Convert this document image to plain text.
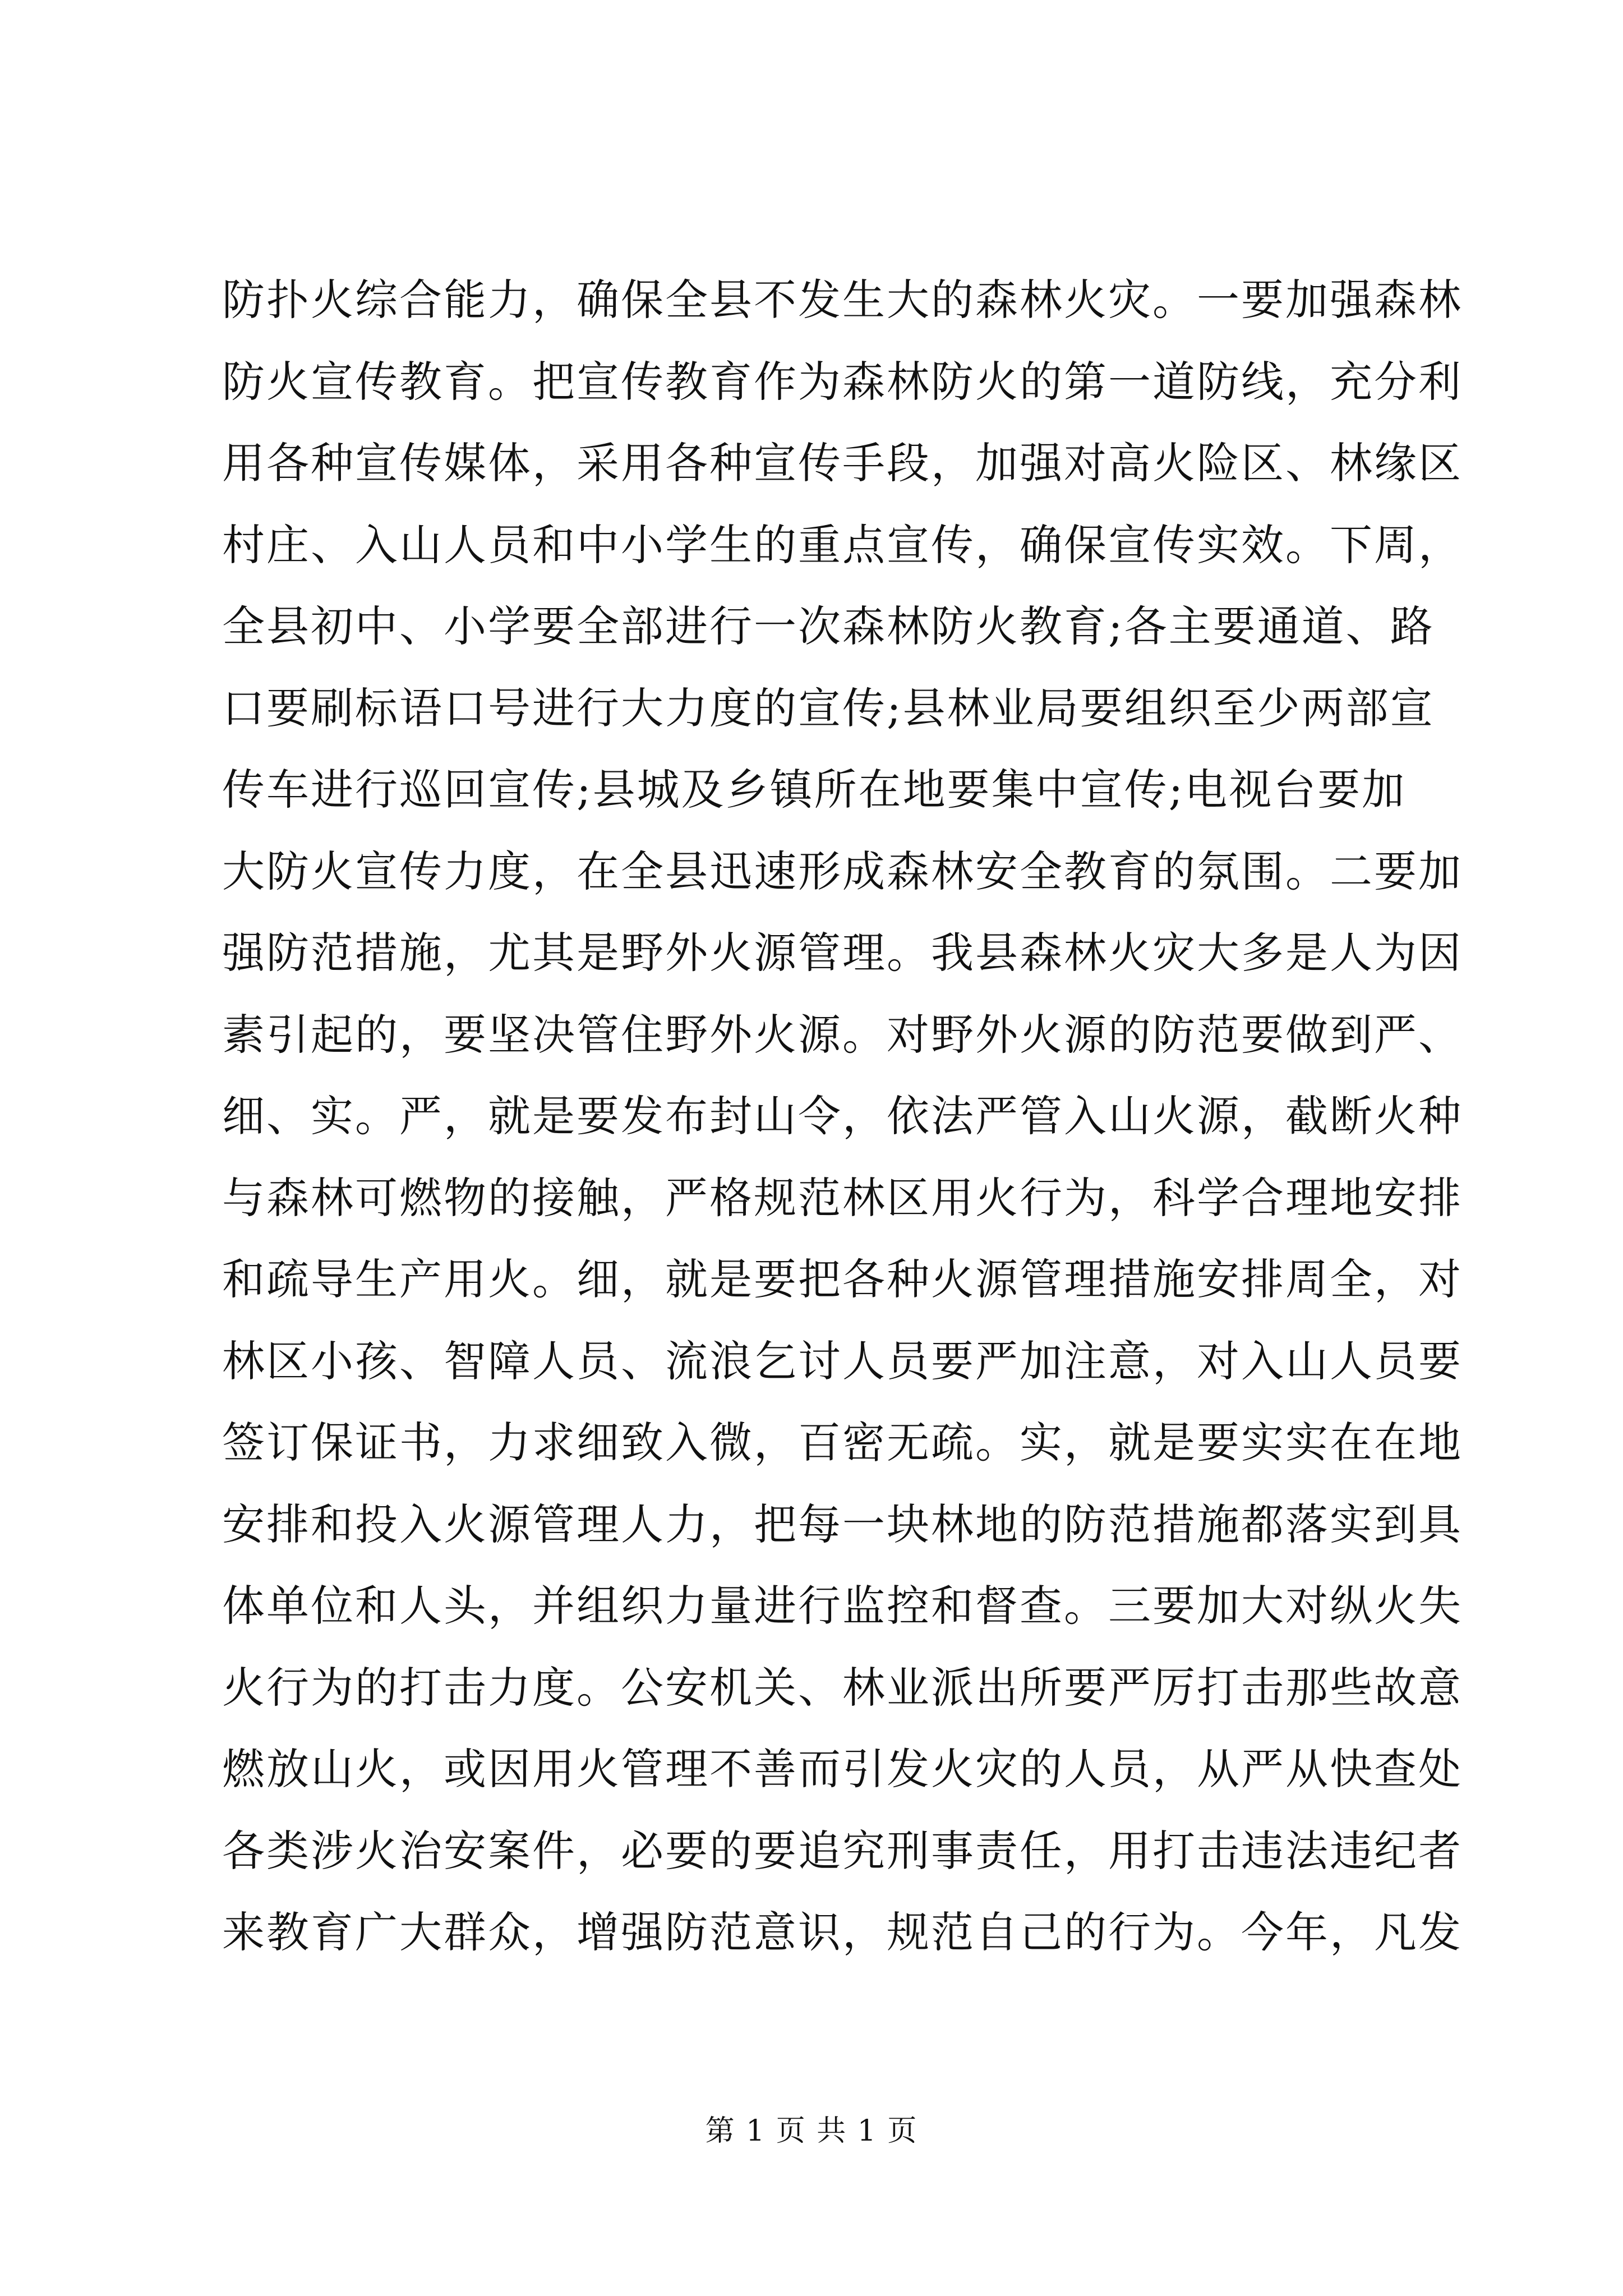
防扑火综合能力，确保全县不发生大的森林火灾。一要加强森林
防火宣传教育。把宣传教育作为森林防火的第一道防线，充分利
用各种宣传媒体，采用各种宣传手段，加强对高火险区、林缘区
村庄、入山人员和中小学生的重点宣传，确保宣传实效。下周，
全县初中、小学要全部进行一次森林防火教育;各主要通道、路
口要刷标语口号进行大力度的宣传;县林业局要组织至少两部宣
传车进行巡回宣传;县城及乡镇所在地要集中宣传;电视台要加
大防火宣传力度，在全县迅速形成森林安全教育的氛围。二要加
强防范措施，尤其是野外火源管理。我县森林火灾大多是人为因
素引起的，要坚决管住野外火源。对野外火源的防范要做到严、
细、实。严，就是要发布封山令，依法严管入山火源，截断火种
与森林可燃物的接触，严格规范林区用火行为，科学合理地安排
和疏导生产用火。细，就是要把各种火源管理措施安排周全，对
林区小孩、智障人员、流浪乞讨人员要严加注意，对入山人员要
签订保证书，力求细致入微，百密无疏。实，就是要实实在在地
安排和投入火源管理人力，把每一块林地的防范措施都落实到具
体单位和人头，并组织力量进行监控和督查。三要加大对纵火失
火行为的打击力度。公安机关、林业派出所要严厉打击那些故意
燃放山火，或因用火管理不善而引发火灾的人员，从严从快查处
各类涉火治安案件，必要的要追究刑事责任，用打击违法违纪者
来教育广大群众，增强防范意识，规范自己的行为。今年，凡发
第 1 页 共 1 页
